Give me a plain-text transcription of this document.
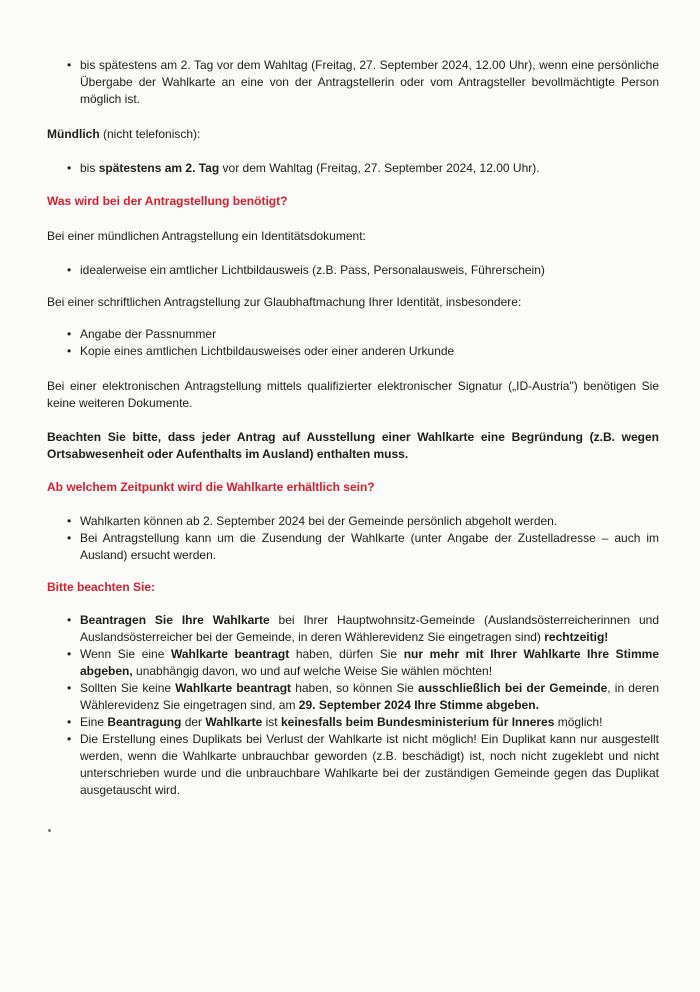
• bis spätestens am 2. Tag vor dem Wahltag (Freitag, 27. September 2024, 12.00 Uhr), wenn eine persönliche Übergabe der Wahlkarte an eine von der Antragstellerin oder vom Antragsteller bevollmächtigte Person möglich ist.

Mündlich (nicht telefonisch):

• bis spätestens am 2. Tag vor dem Wahltag (Freitag, 27. September 2024, 12.00 Uhr).

Was wird bei der Antragstellung benötigt?

Bei einer mündlichen Antragstellung ein Identitätsdokument:

• idealerweise ein amtlicher Lichtbildausweis (z.B. Pass, Personalausweis, Führerschein)

Bei einer schriftlichen Antragstellung zur Glaubhaftmachung Ihrer Identität, insbesondere:

• Angabe der Passnummer
• Kopie eines amtlichen Lichtbildausweises oder einer anderen Urkunde

Bei einer elektronischen Antragstellung mittels qualifizierter elektronischer Signatur („ID-Austria") benötigen Sie keine weiteren Dokumente.

Beachten Sie bitte, dass jeder Antrag auf Ausstellung einer Wahlkarte eine Begründung (z.B. wegen Ortsabwesenheit oder Aufenthalts im Ausland) enthalten muss.

Ab welchem Zeitpunkt wird die Wahlkarte erhältlich sein?

• Wahlkarten können ab 2. September 2024 bei der Gemeinde persönlich abgeholt werden.
• Bei Antragstellung kann um die Zusendung der Wahlkarte (unter Angabe der Zustelladresse – auch im Ausland) ersucht werden.

Bitte beachten Sie:

• Beantragen Sie Ihre Wahlkarte bei Ihrer Hauptwohnsitz-Gemeinde (Auslandsösterreicherinnen und Auslandsösterreicher bei der Gemeinde, in deren Wählerevidenz Sie eingetragen sind) rechtzeitig!
• Wenn Sie eine Wahlkarte beantragt haben, dürfen Sie nur mehr mit Ihrer Wahlkarte Ihre Stimme abgeben, unabhängig davon, wo und auf welche Weise Sie wählen möchten!
• Sollten Sie keine Wahlkarte beantragt haben, so können Sie ausschließlich bei der Gemeinde, in deren Wählerevidenz Sie eingetragen sind, am 29. September 2024 Ihre Stimme abgeben.
• Eine Beantragung der Wahlkarte ist keinesfalls beim Bundesministerium für Inneres möglich!
• Die Erstellung eines Duplikats bei Verlust der Wahlkarte ist nicht möglich! Ein Duplikat kann nur ausgestellt werden, wenn die Wahlkarte unbrauchbar geworden (z.B. beschädigt) ist, noch nicht zugeklebt und nicht unterschrieben wurde und die unbrauchbare Wahlkarte bei der zuständigen Gemeinde gegen das Duplikat ausgetauscht wird.
